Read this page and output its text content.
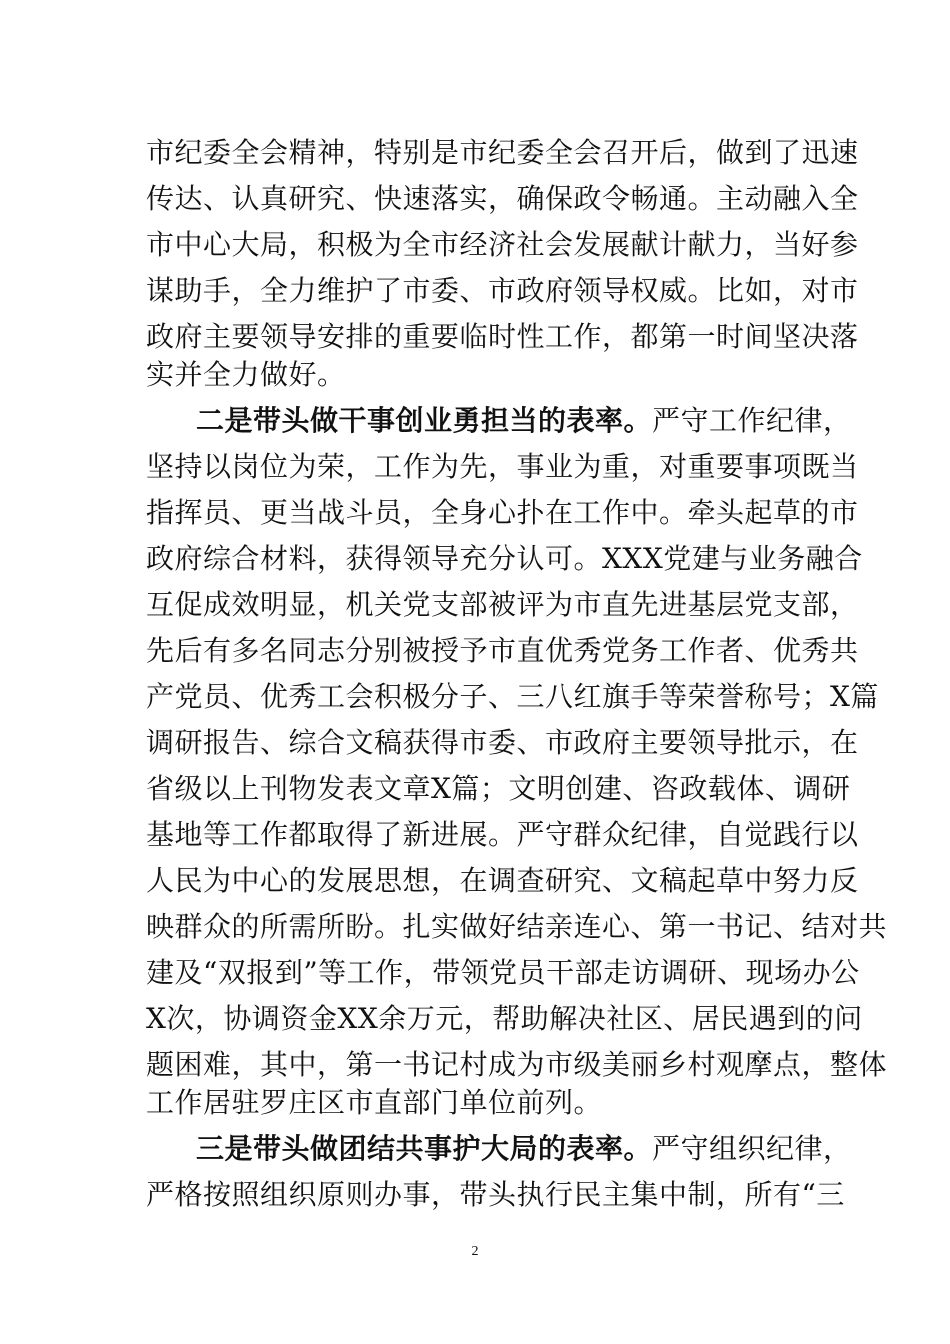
市纪委全会精神，特别是市纪委全会召开后，做到了迅速
传达、认真研究、快速落实，确保政令畅通。主动融入全
市中心大局，积极为全市经济社会发展献计献力，当好参
谋助手，全力维护了市委、市政府领导权威。比如，对市
政府主要领导安排的重要临时性工作，都第一时间坚决落
实并全力做好。
二是带头做干事创业勇担当的表率。严守工作纪律，
坚持以岗位为荣，工作为先，事业为重，对重要事项既当
指挥员、更当战斗员，全身心扑在工作中。牵头起草的市
政府综合材料，获得领导充分认可。XXX党建与业务融合
互促成效明显，机关党支部被评为市直先进基层党支部，
先后有多名同志分别被授予市直优秀党务工作者、优秀共
产党员、优秀工会积极分子、三八红旗手等荣誉称号；X篇
调研报告、综合文稿获得市委、市政府主要领导批示，在
省级以上刊物发表文章X篇；文明创建、咨政载体、调研
基地等工作都取得了新进展。严守群众纪律，自觉践行以
人民为中心的发展思想，在调查研究、文稿起草中努力反
映群众的所需所盼。扎实做好结亲连心、第一书记、结对共
建及“双报到”等工作，带领党员干部走访调研、现场办公
X次，协调资金XX余万元，帮助解决社区、居民遇到的问
题困难，其中，第一书记村成为市级美丽乡村观摩点，整体
工作居驻罗庄区市直部门单位前列。
三是带头做团结共事护大局的表率。严守组织纪律，
严格按照组织原则办事，带头执行民主集中制，所有“三
2
